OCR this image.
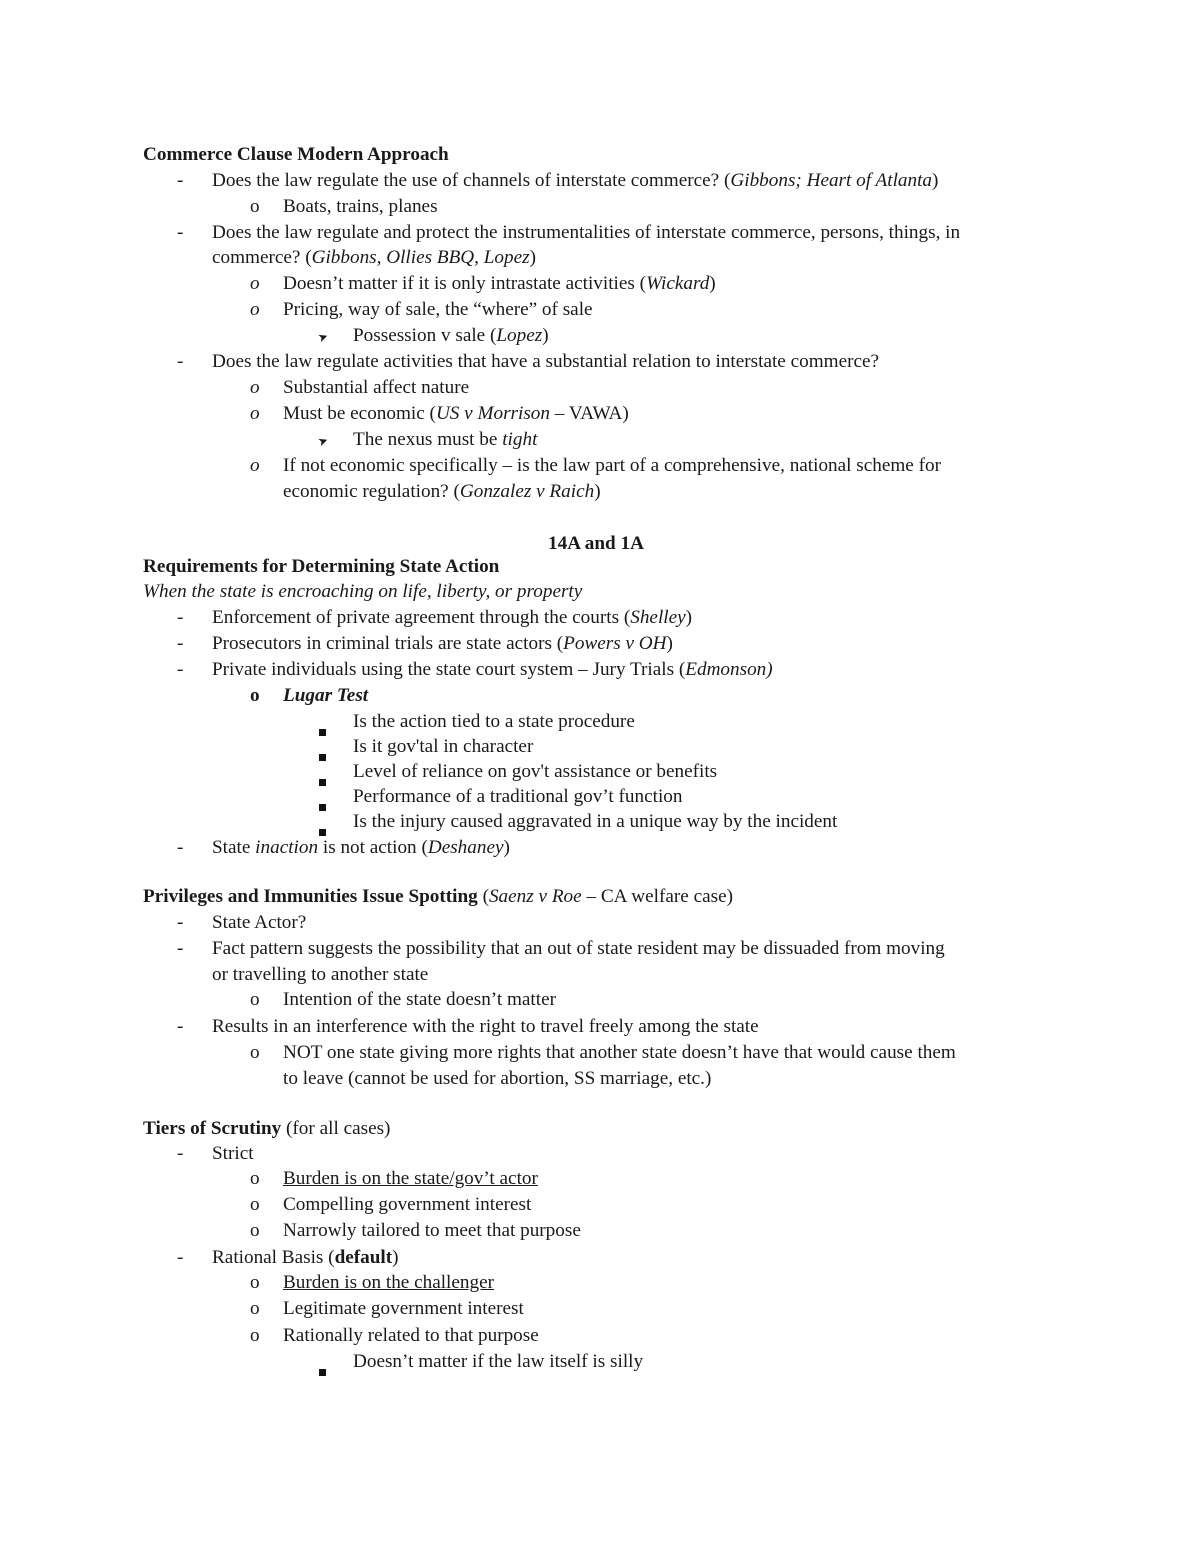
Commerce Clause Modern Approach
- Does the law regulate the use of channels of interstate commerce? (Gibbons; Heart of Atlanta)
o Boats, trains, planes
- Does the law regulate and protect the instrumentalities of interstate commerce, persons, things, in
commerce? (Gibbons, Ollies BBQ, Lopez)
o Doesn’t matter if it is only intrastate activities (Wickard)
o Pricing, way of sale, the “where” of sale
➤ Possession v sale (Lopez)
- Does the law regulate activities that have a substantial relation to interstate commerce?
o Substantial affect nature
o Must be economic (US v Morrison – VAWA)
➤ The nexus must be tight
o If not economic specifically – is the law part of a comprehensive, national scheme for
economic regulation? (Gonzalez v Raich)
14A and 1A
Requirements for Determining State Action
When the state is encroaching on life, liberty, or property
- Enforcement of private agreement through the courts (Shelley)
- Prosecutors in criminal trials are state actors (Powers v OH)
- Private individuals using the state court system – Jury Trials (Edmonson)
o Lugar Test
Is the action tied to a state procedure
Is it gov'tal in character
Level of reliance on gov't assistance or benefits
Performance of a traditional gov’t function
Is the injury caused aggravated in a unique way by the incident
- State inaction is not action (Deshaney)
Privileges and Immunities Issue Spotting (Saenz v Roe – CA welfare case)
- State Actor?
- Fact pattern suggests the possibility that an out of state resident may be dissuaded from moving
or travelling to another state
o Intention of the state doesn’t matter
- Results in an interference with the right to travel freely among the state
o NOT one state giving more rights that another state doesn’t have that would cause them
to leave (cannot be used for abortion, SS marriage, etc.)
Tiers of Scrutiny (for all cases)
- Strict
o Burden is on the state/gov’t actor
o Compelling government interest
o Narrowly tailored to meet that purpose
- Rational Basis (default)
o Burden is on the challenger
o Legitimate government interest
o Rationally related to that purpose
Doesn’t matter if the law itself is silly
